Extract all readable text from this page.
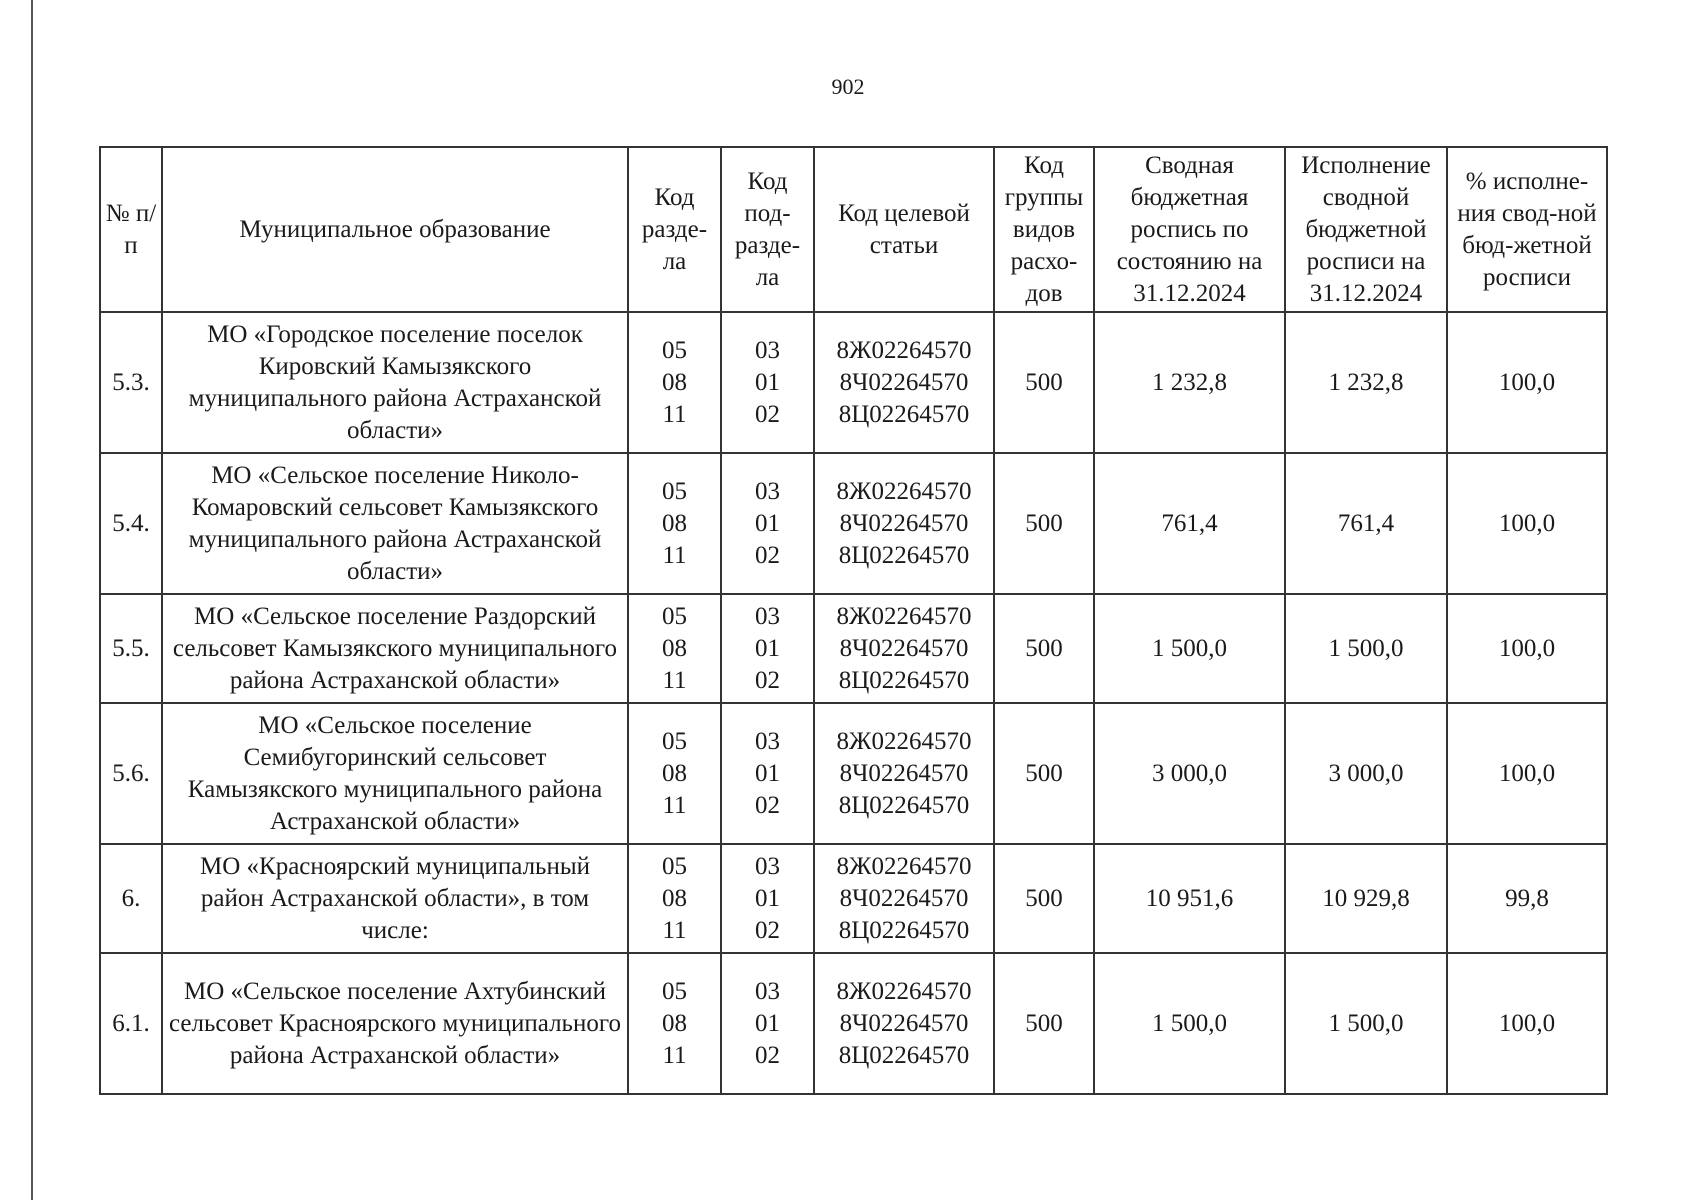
902
№ п/п	Муниципальное образование	Код разде-ла	Код под-разде-ла	Код целевой статьи	Код группы видов расхо-дов	Сводная бюджетная роспись по состоянию на 31.12.2024	Исполнение сводной бюджетной росписи на 31.12.2024	% исполне-ния свод-ной бюд-жетной росписи
5.3.	МО «Городское поселение поселок Кировский Камызякского муниципального района Астраханской области»	05
08
11	03
01
02	8Ж02264570
8Ч02264570
8Ц02264570	500	1 232,8	1 232,8	100,0
5.4.	МО «Сельское поселение Николо-Комаровский сельсовет Камызякского муниципального района Астраханской области»	05
08
11	03
01
02	8Ж02264570
8Ч02264570
8Ц02264570	500	761,4	761,4	100,0
5.5.	МО «Сельское поселение Раздорский сельсовет Камызякского муниципального района Астраханской области»	05
08
11	03
01
02	8Ж02264570
8Ч02264570
8Ц02264570	500	1 500,0	1 500,0	100,0
5.6.	МО «Сельское поселение Семибугоринский сельсовет Камызякского муниципального района Астраханской области»	05
08
11	03
01
02	8Ж02264570
8Ч02264570
8Ц02264570	500	3 000,0	3 000,0	100,0
6.	МО «Красноярский муниципальный район Астраханской области», в том числе:	05
08
11	03
01
02	8Ж02264570
8Ч02264570
8Ц02264570	500	10 951,6	10 929,8	99,8
6.1.	МО «Сельское поселение Ахтубинский сельсовет Красноярского муниципального района Астраханской области»	05
08
11	03
01
02	8Ж02264570
8Ч02264570
8Ц02264570	500	1 500,0	1 500,0	100,0
